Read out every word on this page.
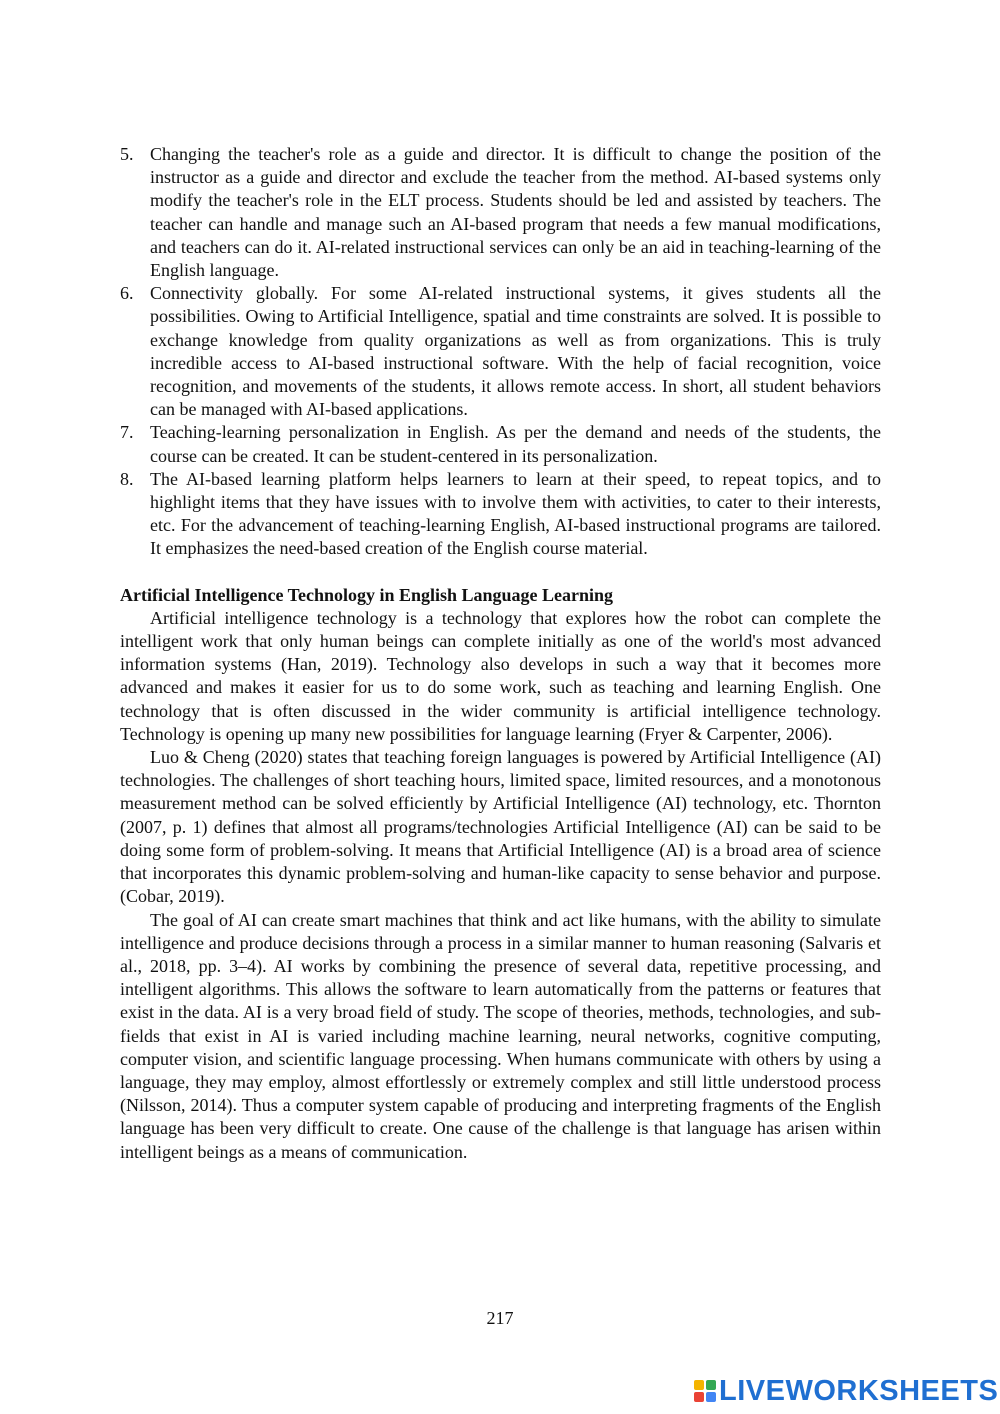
5. Changing the teacher's role as a guide and director. It is difficult to change the position of the instructor as a guide and director and exclude the teacher from the method. AI-based systems only modify the teacher's role in the ELT process. Students should be led and assisted by teachers. The teacher can handle and manage such an AI-based program that needs a few manual modifications, and teachers can do it. AI-related instructional services can only be an aid in teaching-learning of the English language.
6. Connectivity globally. For some AI-related instructional systems, it gives students all the possibilities. Owing to Artificial Intelligence, spatial and time constraints are solved. It is possible to exchange knowledge from quality organizations as well as from organizations. This is truly incredible access to AI-based instructional software. With the help of facial recognition, voice recognition, and movements of the students, it allows remote access. In short, all student behaviors can be managed with AI-based applications.
7. Teaching-learning personalization in English. As per the demand and needs of the students, the course can be created. It can be student-centered in its personalization.
8. The AI-based learning platform helps learners to learn at their speed, to repeat topics, and to highlight items that they have issues with to involve them with activities, to cater to their interests, etc. For the advancement of teaching-learning English, AI-based instructional programs are tailored. It emphasizes the need-based creation of the English course material.
Artificial Intelligence Technology in English Language Learning

Artificial intelligence technology is a technology that explores how the robot can complete the intelligent work that only human beings can complete initially as one of the world's most advanced information systems (Han, 2019). Technology also develops in such a way that it becomes more advanced and makes it easier for us to do some work, such as teaching and learning English. One technology that is often discussed in the wider community is artificial intelligence technology. Technology is opening up many new possibilities for language learning (Fryer & Carpenter, 2006).

Luo & Cheng (2020) states that teaching foreign languages is powered by Artificial Intelligence (AI) technologies. The challenges of short teaching hours, limited space, limited resources, and a monotonous measurement method can be solved efficiently by Artificial Intelligence (AI) technology, etc. Thornton (2007, p. 1) defines that almost all programs/technologies Artificial Intelligence (AI) can be said to be doing some form of problem-solving. It means that Artificial Intelligence (AI) is a broad area of science that incorporates this dynamic problem-solving and human-like capacity to sense behavior and purpose. (Cobar, 2019).

The goal of AI can create smart machines that think and act like humans, with the ability to simulate intelligence and produce decisions through a process in a similar manner to human reasoning (Salvaris et al., 2018, pp. 3–4). AI works by combining the presence of several data, repetitive processing, and intelligent algorithms. This allows the software to learn automatically from the patterns or features that exist in the data. AI is a very broad field of study. The scope of theories, methods, technologies, and sub-fields that exist in AI is varied including machine learning, neural networks, cognitive computing, computer vision, and scientific language processing. When humans communicate with others by using a language, they may employ, almost effortlessly or extremely complex and still little understood process (Nilsson, 2014). Thus a computer system capable of producing and interpreting fragments of the English language has been very difficult to create. One cause of the challenge is that language has arisen within intelligent beings as a means of communication.

217
LIVEWORKSHEETS
